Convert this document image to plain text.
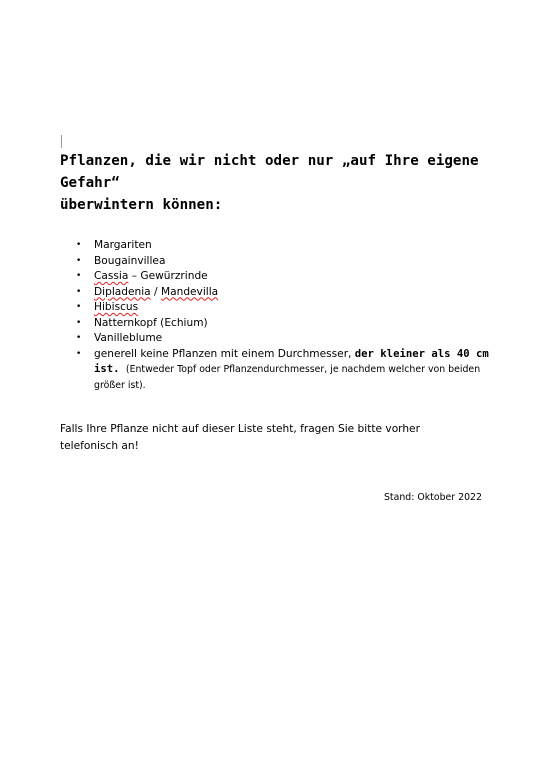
Pflanzen, die wir nicht oder nur „auf Ihre eigene Gefahr“
überwintern können:
• Margariten
• Bougainvillea
• Cassia – Gewürzrinde
• Dipladenia / Mandevilla
• Hibiscus
• Natternkopf (Echium)
• Vanilleblume
• generell keine Pflanzen mit einem Durchmesser, der kleiner als 40 cm ist. (Entweder Topf oder Pflanzendurchmesser, je nachdem welcher von beiden größer ist).

Falls Ihre Pflanze nicht auf dieser Liste steht, fragen Sie bitte vorher telefonisch an!

Stand: Oktober 2022
